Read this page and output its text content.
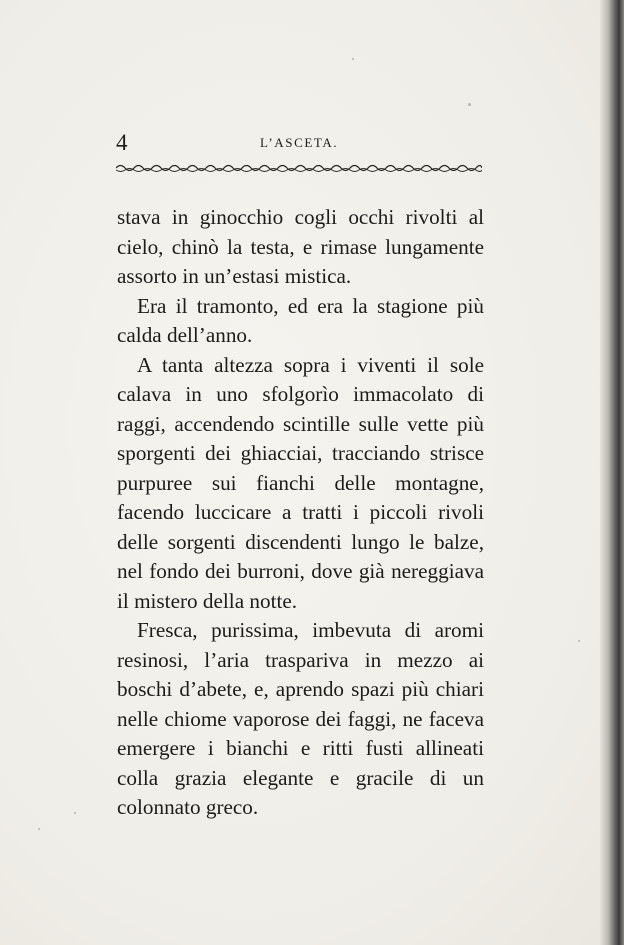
4	L’ASCETA.

stava in ginocchio cogli occhi rivolti al cielo, chinò la testa, e rimase lungamente assorto in un’estasi mistica.

Era il tramonto, ed era la stagione più calda dell’anno.

A tanta altezza sopra i viventi il sole calava in uno sfolgorìo immacolato di raggi, accendendo scintille sulle vette più sporgenti dei ghiacciai, tracciando strisce purpuree sui fianchi delle montagne, facendo luccicare a tratti i piccoli rivoli delle sorgenti discendenti lungo le balze, nel fondo dei burroni, dove già nereggiava il mistero della notte.

Fresca, purissima, imbevuta di aromi resinosi, l’aria traspariva in mezzo ai boschi d’abete, e, aprendo spazi più chiari nelle chiome vaporose dei faggi, ne faceva emergere i bianchi e ritti fusti allineati colla grazia elegante e gracile di un colonnato greco.
